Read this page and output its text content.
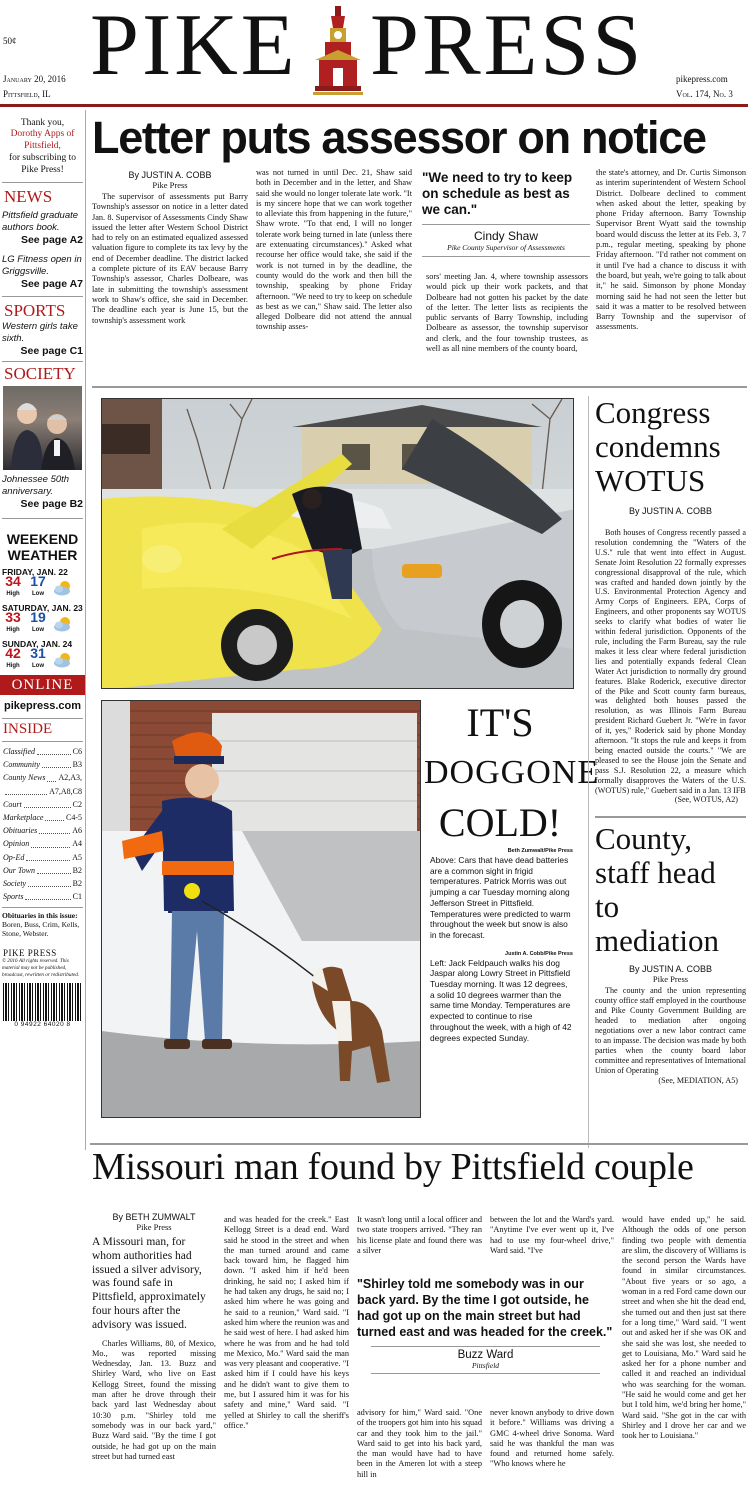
50¢
January 20, 2016
Pittsfield, IL PIKE PRESS	pikepress.com
Vol. 174, No. 3
Thank you,
Dorothy Apps of Pittsfield,
for subscribing to Pike Press!
NEWS
Pittsfield graduate authors book.
See page A2
LG Fitness open in Griggsville.
See page A7
SPORTS
Western girls take sixth.
See page C1
SOCIETY
Johnessee 50th anniversary.
See page B2
WEEKEND
WEATHER
FRIDAY, JAN. 22
34
High
17
Low
SATURDAY, JAN. 23
33
High
19
Low
SUNDAY, JAN. 24
42
High
31
Low
ONLINE
pikepress.com
INSIDE
Classified	C6
Community	B3
County News A2,A3,
A7,A8,C8
Court	C2
Marketplace	C4-5
Obituaries	A6
Opinion	A4
Op-Ed	A5
Our Town	B2
Society	B2
Sports	C1
Obituaries in this issue: Boren, Buss, Crim, Kells, Stone, Webster.
PIKE PRESS
© 2016 All rights reserved. This material may not be published, broadcast, rewritten or redistributed.
0 94922 64020 8
Letter puts assessor on notice
By JUSTIN A. COBB
Pike Press

The supervisor of assessments put Barry Township's assessor on notice in a letter dated Jan. 8. Supervisor of Assessments Cindy Shaw issued the letter after Western School District had to rely on an estimated equalized assessed valuation figure to complete its tax levy by the end of December deadline. The district lacked a complete picture of its EAV because Barry Township's assessor, Charles Dolbeare, was late in submitting the township's assessment work to Shaw's office, she said in December. The deadline each year is June 15, but the township's assessment work

was not turned in until Dec. 21, Shaw said both in December and in the letter, and Shaw said she would no longer tolerate late work. "It is my sincere hope that we can work together to alleviate this from happening in the future," Shaw wrote. "To that end, I will no longer tolerate work being turned in late (unless there are extenuating circumstances)." Asked what recourse her office would take, she said if the work is not turned in by the deadline, the county would do the work and then bill the township, speaking by phone Friday afternoon. "We need to try to keep on schedule as best as we can," Shaw said. The letter also alleged Dolbeare did not attend the annual township asses-

"We need to try to keep on schedule as best as we can."
Cindy Shaw
Pike County Supervisor of Assessments

sors' meeting Jan. 4, where township assessors would pick up their work packets, and that Dolbeare had not gotten his packet by the date of the letter. The letter lists as recipients the public servants of Barry Township, including Dolbeare as assessor, the township supervisor and clerk, and the four township trustees, as well as all nine members of the county board,

the state's attorney, and Dr. Curtis Simonson as interim superintendent of Western School District. Dolbeare declined to comment when asked about the letter, speaking by phone Friday afternoon. Barry Township Supervisor Brent Wyatt said the township board would discuss the letter at its Feb. 3, 7 p.m., regular meeting, speaking by phone Friday afternoon. "I'd rather not comment on it until I've had a chance to discuss it with the board, but yeah, we're going to talk about it," he said. Simonson by phone Monday morning said he had not seen the letter but said it was a matter to be resolved between Barry Township and the supervisor of assessments.

IT'S
DOGGONE
COLD!
Beth Zumwalt/Pike Press
Above: Cars that have dead batteries are a common sight in frigid temperatures. Patrick Morris was out jumping a car Tuesday morning along Jefferson Street in Pittsfield. Temperatures were predicted to warm throughout the week but snow is also in the forecast.
Justin A. Cobb/Pike Press
Left: Jack Feldpauch walks his dog Jaspar along Lowry Street in Pittsfield Tuesday morning. It was 12 degrees, a solid 10 degrees warmer than the same time Monday. Temperatures are expected to continue to rise throughout the week, with a high of 42 degrees expected Sunday.
Congress condemns WOTUS
By JUSTIN A. COBB

Both houses of Congress recently passed a resolution condemning the "Waters of the U.S." rule that went into effect in August. Senate Joint Resolution 22 formally expresses congressional disapproval of the rule, which was crafted and handed down jointly by the U.S. Environmental Protection Agency and Army Corps of Engineers. EPA, Corps of Engineers, and other proponents say WOTUS seeks to clarify what bodies of water lie within federal jurisdiction. Opponents of the rule, including the Farm Bureau, say the rule makes it less clear where federal jurisdiction lies and potentially expands federal Clean Water Act jurisdiction to normally dry ground features. Blake Roderick, executive director of the Pike and Scott county farm bureaus, was delighted both houses passed the resolution, as was Illinois Farm Bureau president Richard Guebert Jr. "We're in favor of it, yes," Roderick said by phone Monday afternoon. "It stops the rule and keeps it from being enacted outside the courts." "We are pleased to see the House join the Senate and pass S.J. Resolution 22, a measure which formally disapproves the Waters of the U.S. (WOTUS) rule," Guebert said in a Jan. 13 IFB

(See, WOTUS, A2)
County, staff head to mediation
By JUSTIN A. COBB
Pike Press

The county and the union representing county office staff employed in the courthouse and Pike County Government Building are headed to mediation after ongoing negotiations over a new labor contract came to an impasse. The decision was made by both parties when the county board labor committee and representatives of International Union of Operating

(See, MEDIATION, A5)
Missouri man found by Pittsfield couple
By BETH ZUMWALT
Pike Press
A Missouri man, for whom authorities had issued a silver advisory, was found safe in Pittsfield, approximately four hours after the advisory was issued.

Charles Williams, 80, of Mexico, Mo., was reported missing Wednesday, Jan. 13. Buzz and Shirley Ward, who live on East Kellogg Street, found the missing man after he drove through their back yard last Wednesday about 10:30 p.m. "Shirley told me somebody was in our back yard," Buzz Ward said. "By the time I got outside, he had got up on the main street but had turned east

and was headed for the creek." East Kellogg Street is a dead end. Ward said he stood in the street and when the man turned around and came back toward him, he flagged him down. "I asked him if he'd been drinking, he said no; I asked him if he had taken any drugs, he said no; I asked him where he was going and he said to a reunion," Ward said. "I asked him where the reunion was and he said west of here. I had asked him where he was from and he had told me Mexico, Mo." Ward said the man was very pleasant and cooperative. "I asked him if I could have his keys and he didn't want to give them to me, but I assured him it was for his safety and mine," Ward said. "I yelled at Shirley to call the sheriff's office."

It wasn't long until a local officer and two state troopers arrived. "They ran his license plate and found there was a silver

between the lot and the Ward's yard. "Anytime I've ever went up it, I've had to use my four-wheel drive," Ward said. "I've

"Shirley told me somebody was in our back yard. By the time I got outside, he had got up on the main street but had turned east and was headed for the creek."
Buzz Ward
Pittsfield

advisory for him," Ward said. "One of the troopers got him into his squad car and they took him to the jail." Ward said to get into his back yard, the man would have had to have been in the Ameren lot with a steep hill in

never known anybody to drive down it before." Williams was driving a GMC 4-wheel drive Sonoma. Ward said he was thankful the man was found and returned home safely. "Who knows where he

would have ended up," he said. Although the odds of one person finding two people with dementia are slim, the discovery of Williams is the second person the Wards have found in similar circumstances. "About five years or so ago, a woman in a red Ford came down our street and when she hit the dead end, she turned out and then just sat there for a long time," Ward said. "I went out and asked her if she was OK and she said she was lost, she needed to get to Louisiana, Mo." Ward said he asked her for a phone number and called it and reached an individual who was searching for the woman. "He said he would come and get her but I told him, we'd bring her home," Ward said. "She got in the car with Shirley and I drove her car and we took her to Louisiana."
